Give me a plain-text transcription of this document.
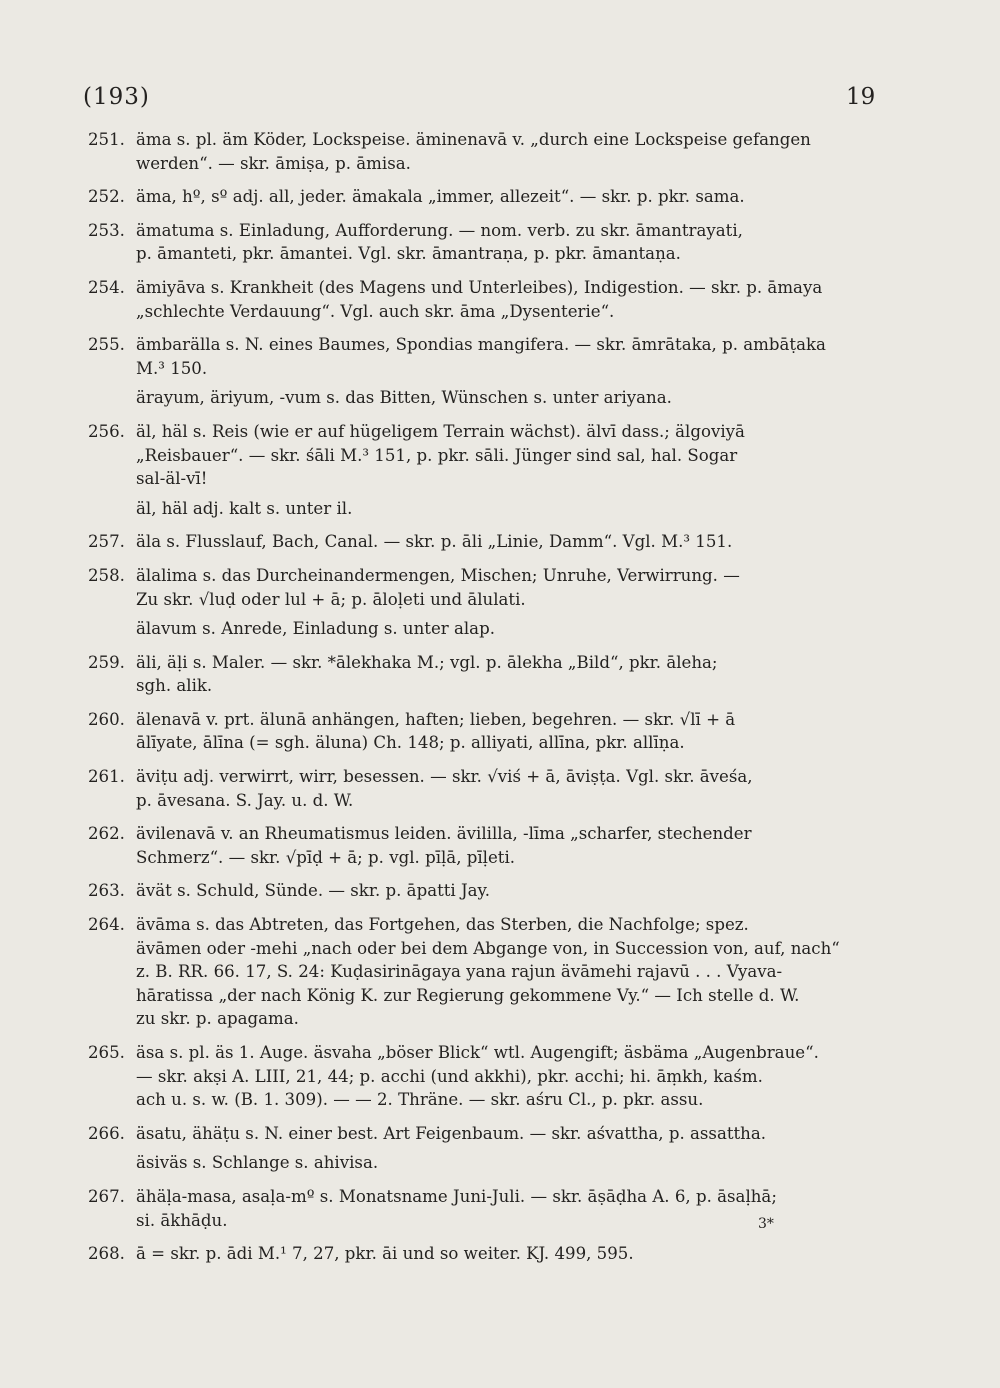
(193)	19
251. äma s. pl. äm Köder, Lockspeise. äminenavā v. „durch eine Lockspeise gefangen
werden“. — skr. āmiṣa, p. āmisa.
252. äma, hº, sº adj. all, jeder. ämakala „immer, allezeit“. — skr. p. pkr. sama.
253. ämatuma s. Einladung, Aufforderung. — nom. verb. zu skr. āmantrayati,
p. āmanteti, pkr. āmantei. Vgl. skr. āmantraṇa, p. pkr. āmantaṇa.
254. ämiyāva s. Krankheit (des Magens und Unterleibes), Indigestion. — skr. p. āmaya
„schlechte Verdauung“. Vgl. auch skr. āma „Dysenterie“.
255. ämbarälla s. N. eines Baumes, Spondias mangifera. — skr. āmrātaka, p. ambāṭaka
M.³ 150.
ärayum, äriyum, -vum s. das Bitten, Wünschen s. unter ariyana.
256. äl, häl s. Reis (wie er auf hügeligem Terrain wächst). älvī dass.; älgoviyā
„Reisbauer“. — skr. śāli M.³ 151, p. pkr. sāli. Jünger sind sal, hal. Sogar
sal-äl-vī!
äl, häl adj. kalt s. unter il.
257. äla s. Flusslauf, Bach, Canal. — skr. p. āli „Linie, Damm“. Vgl. M.³ 151.
258. älalima s. das Durcheinandermengen, Mischen; Unruhe, Verwirrung. —
Zu skr. √luḍ oder lul + ā; p. āloḷeti und ālulati.
älavum s. Anrede, Einladung s. unter alap.
259. äli, äḷi s. Maler. — skr. *ālekhaka M.; vgl. p. ālekha „Bild“, pkr. āleha;
sgh. alik.
260. älenavā v. prt. älunā anhängen, haften; lieben, begehren. — skr. √lī + ā
ālīyate, ālīna (= sgh. äluna) Ch. 148; p. alliyati, allīna, pkr. allīṇa.
261. äviṭu adj. verwirrt, wirr, besessen. — skr. √viś + ā, āviṣṭa. Vgl. skr. āveśa,
p. āvesana. S. Jay. u. d. W.
262. ävilenavā v. an Rheumatismus leiden. ävililla, -līma „scharfer, stechender
Schmerz“. — skr. √pīḍ + ā; p. vgl. pīḷā, pīḷeti.
263. ävät s. Schuld, Sünde. — skr. p. āpatti Jay.
264. ävāma s. das Abtreten, das Fortgehen, das Sterben, die Nachfolge; spez.
ävāmen oder -mehi „nach oder bei dem Abgange von, in Succession von, auf, nach“
z. B. RR. 66. 17, S. 24: Kuḍasirināgaya yana rajun ävāmehi rajavū . . . Vyava-
hāratissa „der nach König K. zur Regierung gekommene Vy.“ — Ich stelle d. W.
zu skr. p. apagama.
265. äsa s. pl. äs 1. Auge. äsvaha „böser Blick“ wtl. Augengift; äsbäma „Augenbraue“.
— skr. akṣi A. LIII, 21, 44; p. acchi (und akkhi), pkr. acchi; hi. āṃkh, kaśm.
ach u. s. w. (B. 1. 309). — — 2. Thräne. — skr. aśru Cl., p. pkr. assu.
266. äsatu, ähäṭu s. N. einer best. Art Feigenbaum. — skr. aśvattha, p. assattha.
äsiväs s. Schlange s. ahivisa.
267. ähäḷa-masa, asaḷa-mº s. Monatsname Juni-Juli. — skr. āṣāḍha A. 6, p. āsaḷhā;
si. ākhāḍu.
268. ā = skr. p. ādi M.¹ 7, 27, pkr. āi und so weiter. KJ. 499, 595.
3*
